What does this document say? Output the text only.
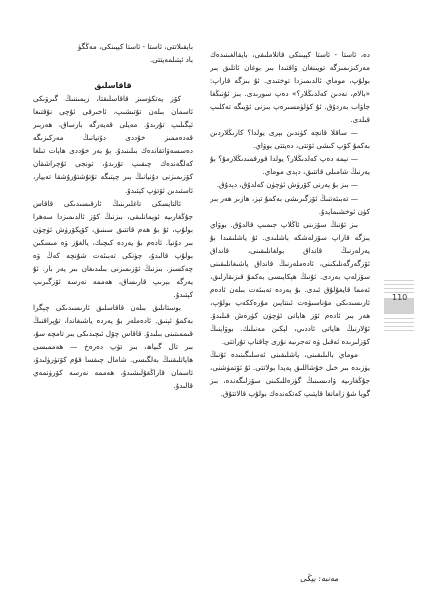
بايقىلاتتى، ئاستا - ئاستا كېيىنكى، مەڭگۈ

باد ئېتىلمەيتتى.

قاقاسلىق

كۆز يەتكۈسىز قاقاسلىقتا، زېمىننىڭ گىرۋىكى ئاسمان بىلەن تۇتىشىپ، ئاخىرقى ئۇچى نۇقتىغا ئېگىلىپ تۇرىدۇ. مەيلى قەيەرگە بارساق، ھەربىر قەدەممىز خۇددى دۇنيانىڭ مەركىزىگە دەسسەۋاتقاندەك بىلىنىدۇ. بۇ بەر خۇددى ھايات تىلغا كەلگەندەك چىقىپ تۇرىدۇ، تونجى ئۇچراشقان كۆزىمىزنى دۇنيانىڭ بىر چېتىگە تۇتۇشتۇرۇشقا تەييار، ئاستىدىن ئۆتۈپ كېتىدۇ.

ئالتايسكى تاغلىرىنىڭ ئارقىسىدىكى قاقاس جۇڭغارىيە ئويمانلىقى، بىزنىڭ كۆز ئالدىمىزدا سەھرا بولۇپ، ئۇ بۇ ھەم قاتتىق سىنىق، كۆپكۆرۈش ئۈچۈن بىر دۇنيا. ئادەم بۇ يەردە كىچىك، يالغۇز ۋە مىسكىن بولۇپ قالىدۇ، چۈنكى تەبىئەت شۇنچە كەڭ ۋە چەكسىز. بىزنىڭ ئۆزىمىزنى بىلىدىغان بىر يەر بار. ئۇ يەرگە بېرىپ قارىساق، ھەممە نەرسە ئۆزگىرىپ كېتىدۇ.

بوستانلىق بىلەن قاقاسلىق ئارىسىدىكى چېگرا بەكمۇ ئېنىق. ئادەملەر بۇ يەردە ياشىغاندا، تۇپراقنىڭ قىممىتىنى بىلىدۇ. قاقاس چۆل ئىچىدىكى بىر تامچە سۇ، بىر تال گىياھ، بىر تۈپ دەرەخ — ھەممىسى ھاياتلىقنىڭ بەلگىسى. شامال چىقسا قۇم كۆتۈرۈلىدۇ، ئاسمان قاراڭغۇلىشىدۇ، ھەممە نەرسە كۆرۈنمەي قالىدۇ.

دە، ئاستا - ئاستا كېيىنكى قاتلاملىقى، بايقالغىنىدەك مەركىزىمىزگە تويىنغان ۋاقتىدا بىر بوغان ئاتلىق بىر بولۇپ، موماي ئالدىمىزدا توختىدى. ئۇ بىزگە قاراپ: «بالام، نەدىن كەلدىڭلار؟» دەپ سورىدى. بىز ئۇنىڭغا جاۋاب بەردۇق. ئۇ كۈلۈمسىرەپ بىزنى ئۆيىگە تەكلىپ قىلدى.

— ساقلا قانچە كۈندىن بېرى يولدا؟ كارىڭلاردىن بەكمۇ كۆپ كىشى ئۆتتى، دەيتتى بوۋاي.

— نېمە دەپ كەلدىڭلار؟ يولدا قورقمىدىڭلارمۇ؟ بۇ يەرنىڭ شامىلى قاتتىق، دېدى موماي.

— بىز بۇ يەرنى كۆرۈش ئۈچۈن كەلدۇق، دېدۇق.

— تەبىئەتنىڭ ئۆزگىرىشى بەكمۇ تېز، ھازىر ھەر بىر كۈن ئوخشىمايدۇ.

بىز ئۇنىڭ سۆزىنى ئاڭلاپ جىمىپ قالدۇق. بوۋاي بىزگە قاراپ سۆزلەشكە باشلىدى. ئۇ ياشلىقىدا بۇ يەرلەرنىڭ قانداق بولغانلىقىنى، قانداق ئۆزگەرگەنلىكىنى، ئادەملەرنىڭ قانداق ياشىغانلىقىنى سۆزلەپ بەردى. ئۇنىڭ ھېكايىسى بەكمۇ قىزىقارلىق، ئەمما قايغۇلۇق ئىدى. بۇ يەردە تەبىئەت بىلەن ئادەم ئارىسىدىكى مۇناسىۋەت ئىنتايىن مۇرەككەپ بولۇپ، ھەر بىر ئادەم ئۆز ھاياتى ئۈچۈن كۈرەش قىلىدۇ. ئۇلارنىڭ ھاياتى ئاددىي، لېكىن مەنىلىك. بوۋاينىڭ كۆزلىرىدە ئەقىل ۋە تەجرىبە نۇرى چاقناپ تۇراتتى.

موماي بالىلىقىنى، ياشلىقىنى ئەسلىگىنىدە ئۇنىڭ يۈزىدە بىر خىل خۇشاللىق پەيدا بولاتتى. ئۇ ئۆتمۈشنى، جۇڭغارىيە ۋادىسىنىڭ گۈزەللىكىنى سۆزلىگەندە، بىز گويا شۇ زامانغا قايتىپ كەتكەندەك بولۇپ قالاتتۇق.

110
مەنبە: يېڭى
